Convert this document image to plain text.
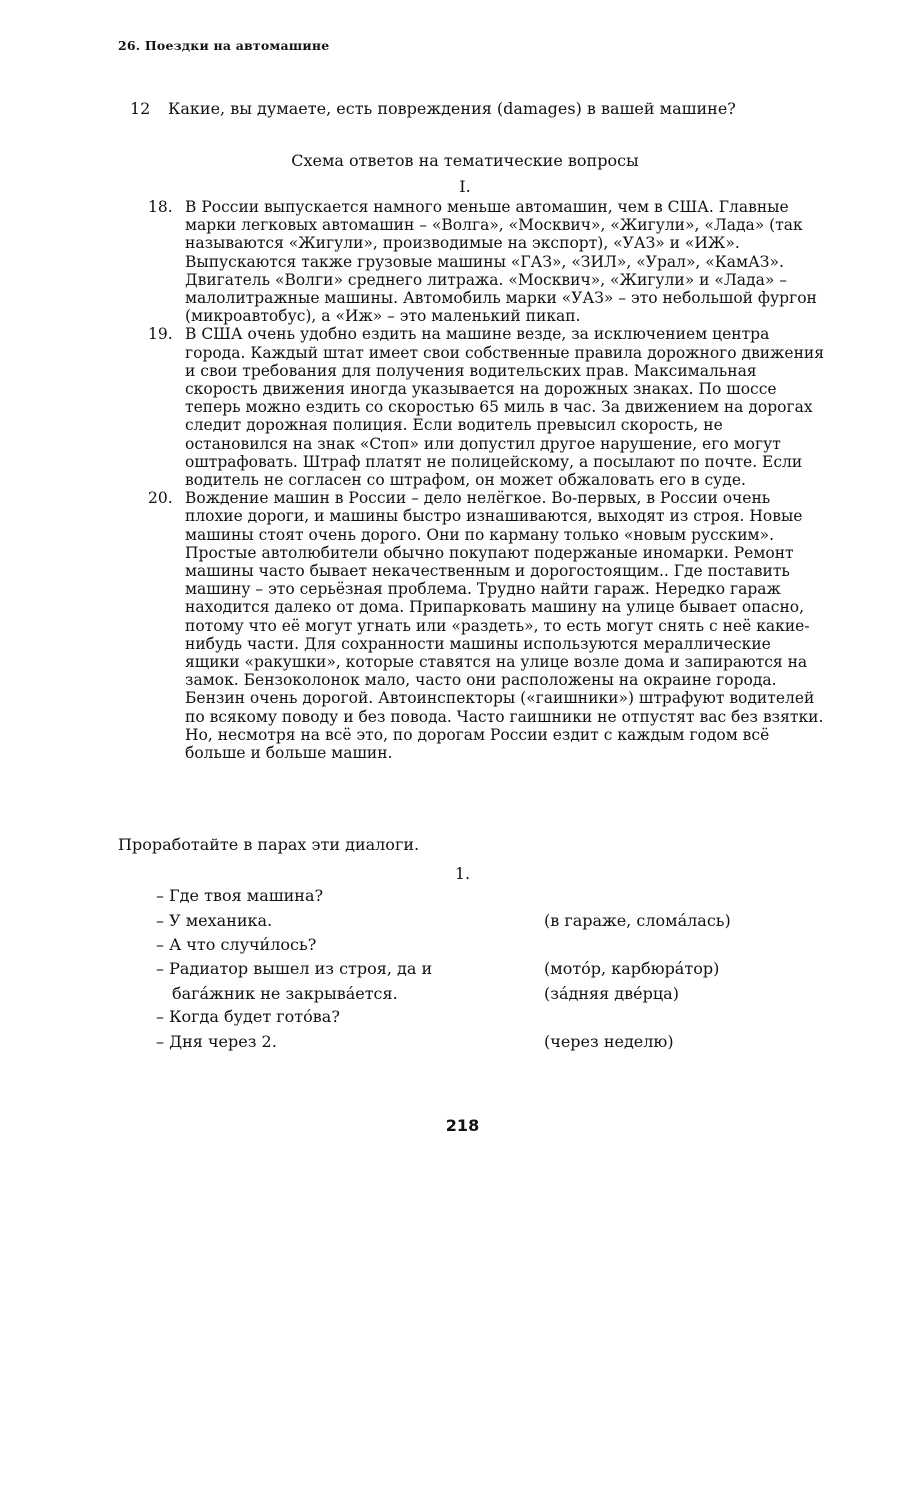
26. Поездки на автомашине
12 Какие, вы думаете, есть повреждения (damages) в вашей машине?
Схема ответов на тематические вопросы
I.
18. В России выпускается намного меньше автомашин, чем в США. Главные марки легковых автомашин – «Волга», «Москвич», «Жигули», «Лада» (так называются «Жигули», производимые на экспорт), «УАЗ» и «ИЖ». Выпускаются также грузовые машины «ГАЗ», «ЗИЛ», «Урал», «КамАЗ». Двигатель «Волги» среднего литража. «Москвич», «Жигули» и «Лада» – малолитражные машины. Автомобиль марки «УАЗ» – это небольшой фургон (микроавтобус), а «Иж» – это маленький пикап.
19. В США очень удобно ездить на машине везде, за исключением центра города. Каждый штат имеет свои собственные правила дорожного движения и свои требования для получения водительских прав. Максимальная скорость движения иногда указывается на дорожных знаках. По шоссе теперь можно ездить со скоростью 65 миль в час. За движением на дорогах следит дорожная полиция. Если водитель превысил скорость, не остановился на знак «Стоп» или допустил другое нарушение, его могут оштрафовать. Штраф платят не полицейскому, а посылают по почте. Если водитель не согласен со штрафом, он может обжаловать его в суде.
20. Вождение машин в России – дело нелёгкое. Во-первых, в России очень плохие дороги, и машины быстро изнашиваются, выходят из строя. Новые машины стоят очень дорого. Они по карману только «новым русским». Простые автолюбители обычно покупают подержаные иномарки. Ремонт машины часто бывает некачественным и дорогостоящим.. Где поставить машину – это серьёзная проблема. Трудно найти гараж. Нередко гараж находится далеко от дома. Припарковать машину на улице бывает опасно, потому что её могут угнать или «раздеть», то есть могут снять с неё какие-нибудь части. Для сохранности машины используются мераллические ящики «ракушки», которые ставятся на улице возле дома и запираются на замок. Бензоколонок мало, часто они расположены на окраине города. Бензин очень дорогой. Автоинспекторы («гаишники») штрафуют водителей по всякому поводу и без повода. Часто гаишники не отпустят вас без взятки. Но, несмотря на всё это, по дорогам России ездит с каждым годом всё больше и больше машин.
Проработайте в парах эти диалоги.
1.
– Где твоя машина?
– У механика.	(в гараже, слома́лась)
– А что случи́лось?
– Радиатор вышел из строя, да и	(мото́р, карбюра́тор)
бага́жник не закрыва́ется.	(за́дняя две́рца)
– Когда будет гото́ва?
– Дня через 2.	(через неделю)
218
